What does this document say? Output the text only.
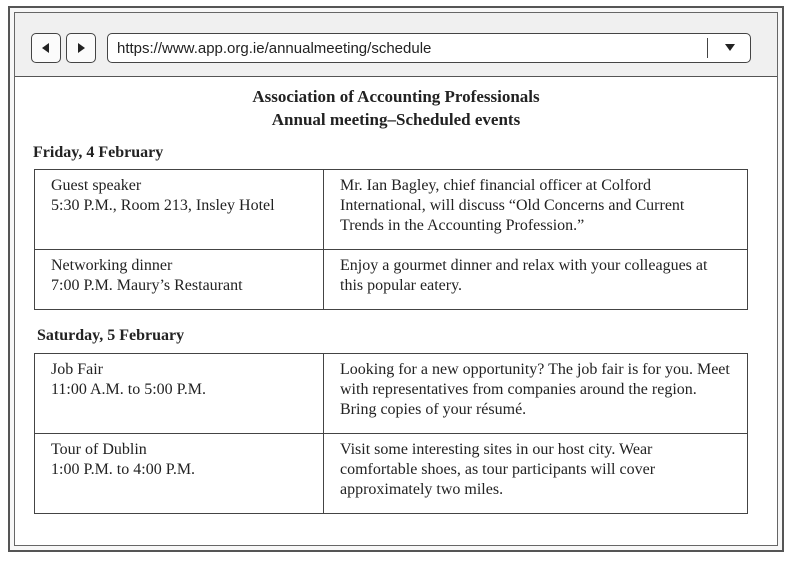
https://www.app.org.ie/annualmeeting/schedule
Association of Accounting Professionals
Annual meeting–Scheduled events
Friday, 4 February
Guest speaker
5:30 P.M., Room 213, Insley Hotel	Mr. Ian Bagley, chief financial officer at Colford International, will discuss “Old Concerns and Current Trends in the Accounting Profession.”

Networking dinner
7:00 P.M. Maury’s Restaurant	Enjoy a gourmet dinner and relax with your colleagues at this popular eatery.
Saturday, 5 February
Job Fair
11:00 A.M. to 5:00 P.M.	Looking for a new opportunity? The job fair is for you. Meet with representatives from companies around the region. Bring copies of your résumé.

Tour of Dublin
1:00 P.M. to 4:00 P.M.	Visit some interesting sites in our host city. Wear comfortable shoes, as tour participants will cover approximately two miles.
